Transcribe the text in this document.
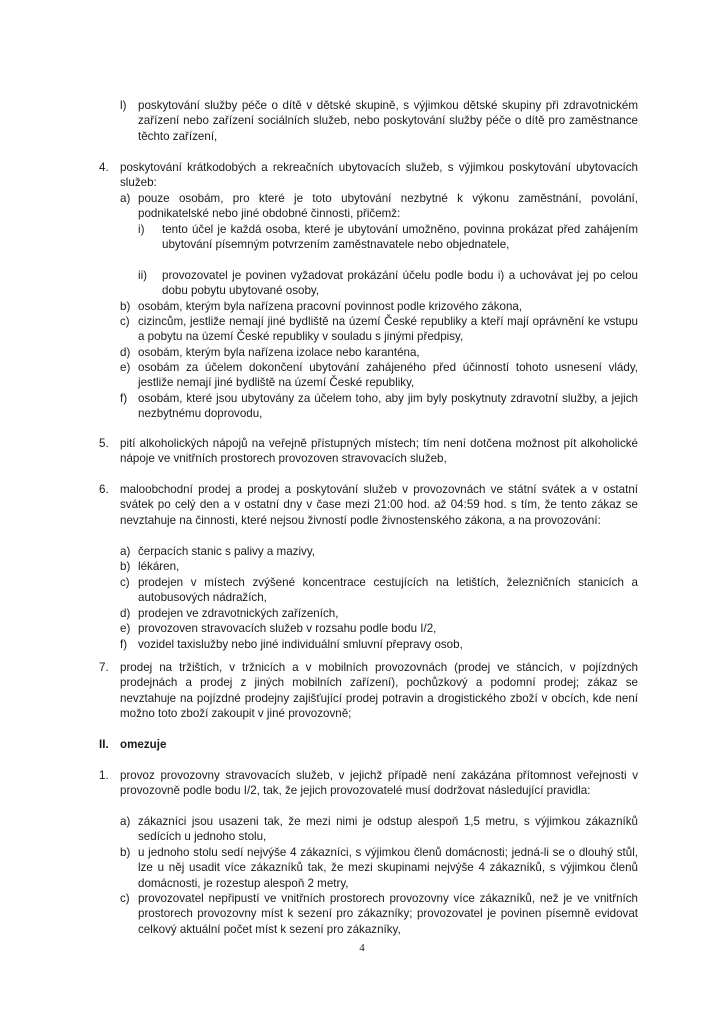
l) poskytování služby péče o dítě v dětské skupině, s výjimkou dětské skupiny při zdravotnickém zařízení nebo zařízení sociálních služeb, nebo poskytování služby péče o dítě pro zaměstnance těchto zařízení,
4. poskytování krátkodobých a rekreačních ubytovacích služeb, s výjimkou poskytování ubytovacích služeb:
a) pouze osobám, pro které je toto ubytování nezbytné k výkonu zaměstnání, povolání, podnikatelské nebo jiné obdobné činnosti, přičemž:
i) tento účel je každá osoba, které je ubytování umožněno, povinna prokázat před zahájením ubytování písemným potvrzením zaměstnavatele nebo objednatele,
ii) provozovatel je povinen vyžadovat prokázání účelu podle bodu i) a uchovávat jej po celou dobu pobytu ubytované osoby,
b) osobám, kterým byla nařízena pracovní povinnost podle krizového zákona,
c) cizincům, jestliže nemají jiné bydliště na území České republiky a kteří mají oprávnění ke vstupu a pobytu na území České republiky v souladu s jinými předpisy,
d) osobám, kterým byla nařízena izolace nebo karanténa,
e) osobám za účelem dokončení ubytování zahájeného před účinností tohoto usnesení vlády, jestliže nemají jiné bydliště na území České republiky,
f) osobám, které jsou ubytovány za účelem toho, aby jim byly poskytnuty zdravotní služby, a jejich nezbytnému doprovodu,
5. pití alkoholických nápojů na veřejně přístupných místech; tím není dotčena možnost pít alkoholické nápoje ve vnitřních prostorech provozoven stravovacích služeb,
6. maloobchodní prodej a prodej a poskytování služeb v provozovnách ve státní svátek a v ostatní svátek po celý den a v ostatní dny v čase mezi 21:00 hod. až 04:59 hod. s tím, že tento zákaz se nevztahuje na činnosti, které nejsou živností podle živnostenského zákona, a na provozování:
a) čerpacích stanic s palivy a mazivy,
b) lékáren,
c) prodejen v místech zvýšené koncentrace cestujících na letištích, železničních stanicích a autobusových nádražích,
d) prodejen ve zdravotnických zařízeních,
e) provozoven stravovacích služeb v rozsahu podle bodu I/2,
f) vozidel taxislužby nebo jiné individuální smluvní přepravy osob,
7. prodej na tržištích, v tržnicích a v mobilních provozovnách (prodej ve stáncích, v pojízdných prodejnách a prodej z jiných mobilních zařízení), pochůzkový a podomní prodej; zákaz se nevztahuje na pojízdné prodejny zajišťující prodej potravin a drogistického zboží v obcích, kde není možno toto zboží zakoupit v jiné provozovně;
II. omezuje
1. provoz provozovny stravovacích služeb, v jejichž případě není zakázána přítomnost veřejnosti v provozovně podle bodu I/2, tak, že jejich provozovatelé musí dodržovat následující pravidla:
a) zákazníci jsou usazeni tak, že mezi nimi je odstup alespoň 1,5 metru, s výjimkou zákazníků sedících u jednoho stolu,
b) u jednoho stolu sedí nejvýše 4 zákazníci, s výjimkou členů domácnosti; jedná-li se o dlouhý stůl, lze u něj usadit více zákazníků tak, že mezi skupinami nejvýše 4 zákazníků, s výjimkou členů domácnosti, je rozestup alespoň 2 metry,
c) provozovatel nepřipustí ve vnitřních prostorech provozovny více zákazníků, než je ve vnitřních prostorech provozovny míst k sezení pro zákazníky; provozovatel je povinen písemně evidovat celkový aktuální počet míst k sezení pro zákazníky,
4
